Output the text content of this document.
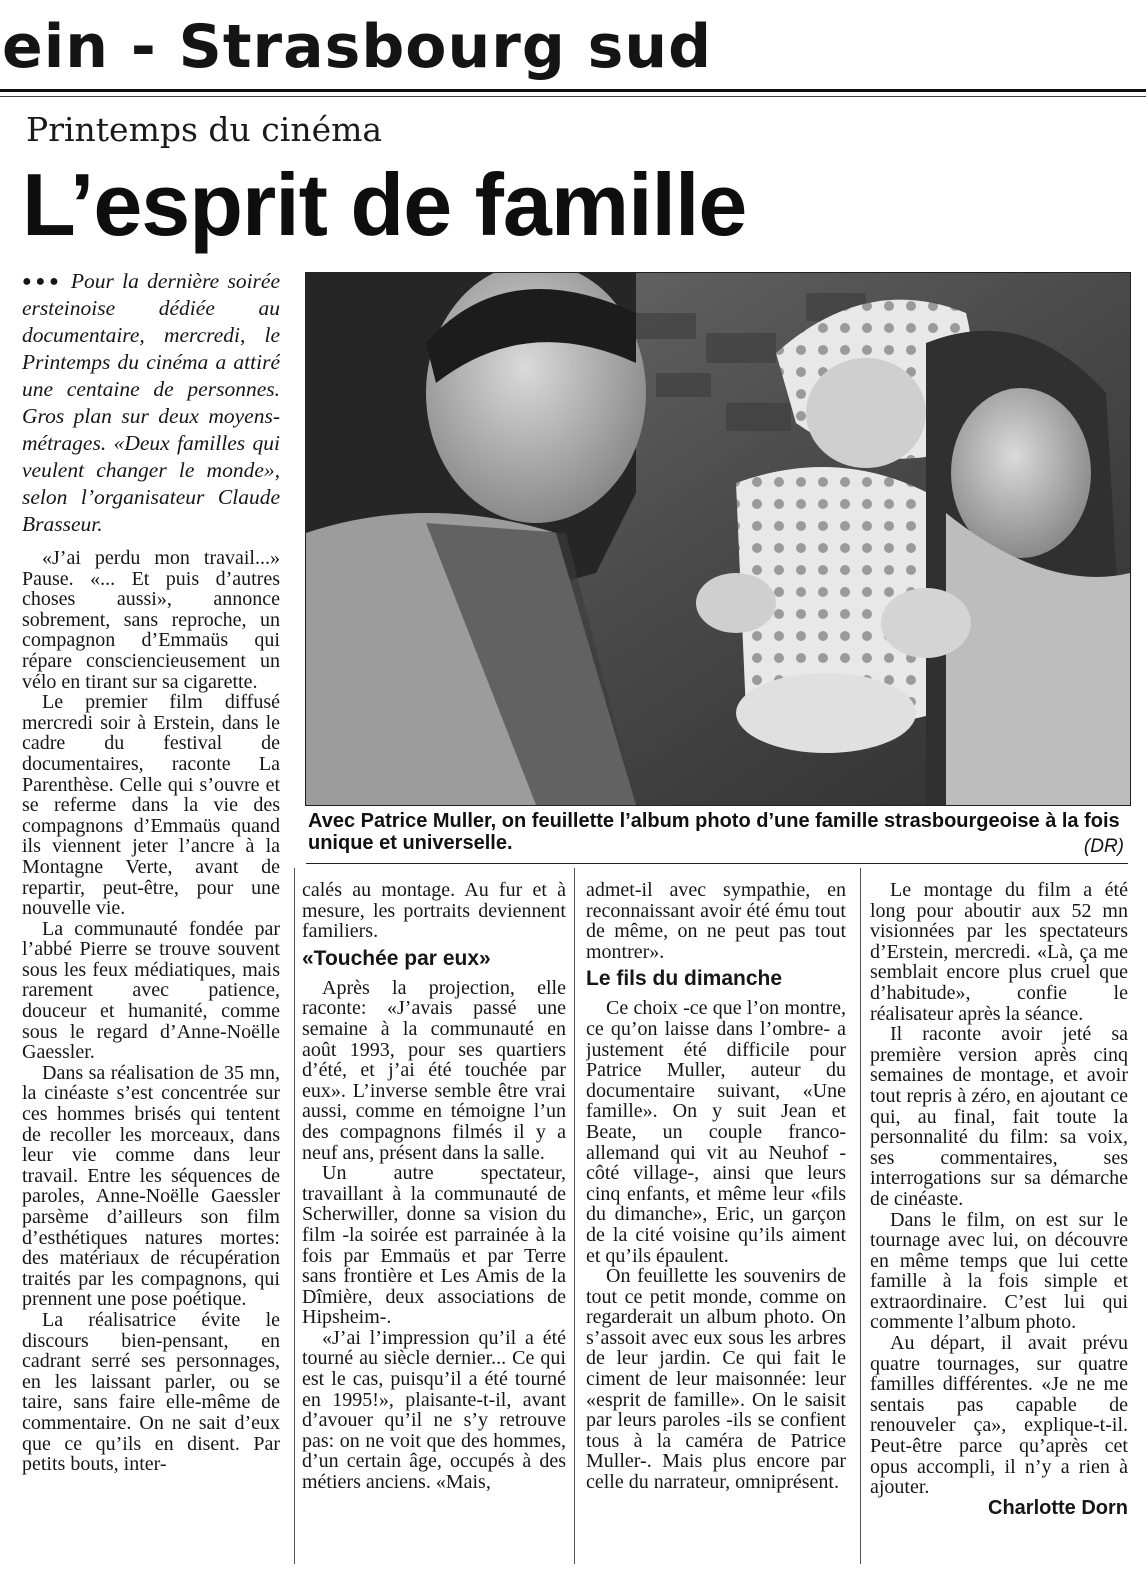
ein - Strasbourg sud
Printemps du cinéma
L’esprit de famille

●●● Pour la dernière soirée ersteinoise dédiée au documentaire, mercredi, le Printemps du cinéma a attiré une centaine de personnes. Gros plan sur deux moyens-métrages. «Deux familles qui veulent changer le monde», selon l’organisateur Claude Brasseur.

«J’ai perdu mon travail...» Pause. «... Et puis d’autres choses aussi», annonce sobrement, sans reproche, un compagnon d’Emmaüs qui répare consciencieusement un vélo en tirant sur sa cigarette.

Le premier film diffusé mercredi soir à Erstein, dans le cadre du festival de documentaires, raconte La Parenthèse. Celle qui s’ouvre et se referme dans la vie des compagnons d’Emmaüs quand ils viennent jeter l’ancre à la Montagne Verte, avant de repartir, peut-être, pour une nouvelle vie.

La communauté fondée par l’abbé Pierre se trouve souvent sous les feux médiatiques, mais rarement avec patience, douceur et humanité, comme sous le regard d’Anne-Noëlle Gaessler.

Dans sa réalisation de 35 mn, la cinéaste s’est concentrée sur ces hommes brisés qui tentent de recoller les morceaux, dans leur vie comme dans leur travail. Entre les séquences de paroles, Anne-Noëlle Gaessler parsème d’ailleurs son film d’esthétiques natures mortes: des matériaux de récupération traités par les compagnons, qui prennent une pose poétique.

La réalisatrice évite le discours bien-pensant, en cadrant serré ses personnages, en les laissant parler, ou se taire, sans faire elle-même de commentaire. On ne sait d’eux que ce qu’ils en disent. Par petits bouts, inter-

Avec Patrice Muller, on feuillette l’album photo d’une famille strasbourgeoise à la fois unique et universelle.	(DR)

calés au montage. Au fur et à mesure, les portraits deviennent familiers.

«Touchée par eux»

Après la projection, elle raconte: «J’avais passé une semaine à la communauté en août 1993, pour ses quartiers d’été, et j’ai été touchée par eux». L’inverse semble être vrai aussi, comme en témoigne l’un des compagnons filmés il y a neuf ans, présent dans la salle.

Un autre spectateur, travaillant à la communauté de Scherwiller, donne sa vision du film -la soirée est parrainée à la fois par Emmaüs et par Terre sans frontière et Les Amis de la Dîmière, deux associations de Hipsheim-.

«J’ai l’impression qu’il a été tourné au siècle dernier... Ce qui est le cas, puisqu’il a été tourné en 1995!», plaisante-t-il, avant d’avouer qu’il ne s’y retrouve pas: on ne voit que des hommes, d’un certain âge, occupés à des métiers anciens. «Mais,

admet-il avec sympathie, en reconnaissant avoir été ému tout de même, on ne peut pas tout montrer».

Le fils du dimanche

Ce choix -ce que l’on montre, ce qu’on laisse dans l’ombre- a justement été difficile pour Patrice Muller, auteur du documentaire suivant, «Une famille». On y suit Jean et Beate, un couple franco-allemand qui vit au Neuhof -côté village-, ainsi que leurs cinq enfants, et même leur «fils du dimanche», Eric, un garçon de la cité voisine qu’ils aiment et qu’ils épaulent.

On feuillette les souvenirs de tout ce petit monde, comme on regarderait un album photo. On s’assoit avec eux sous les arbres de leur jardin. Ce qui fait le ciment de leur maisonnée: leur «esprit de famille». On le saisit par leurs paroles -ils se confient tous à la caméra de Patrice Muller-. Mais plus encore par celle du narrateur, omniprésent.

Le montage du film a été long pour aboutir aux 52 mn visionnées par les spectateurs d’Erstein, mercredi. «Là, ça me semblait encore plus cruel que d’habitude», confie le réalisateur après la séance.

Il raconte avoir jeté sa première version après cinq semaines de montage, et avoir tout repris à zéro, en ajoutant ce qui, au final, fait toute la personnalité du film: sa voix, ses commentaires, ses interrogations sur sa démarche de cinéaste.

Dans le film, on est sur le tournage avec lui, on découvre en même temps que lui cette famille à la fois simple et extraordinaire. C’est lui qui commente l’album photo.

Au départ, il avait prévu quatre tournages, sur quatre familles différentes. «Je ne me sentais pas capable de renouveler ça», explique-t-il. Peut-être parce qu’après cet opus accompli, il n’y a rien à ajouter.

Charlotte Dorn
